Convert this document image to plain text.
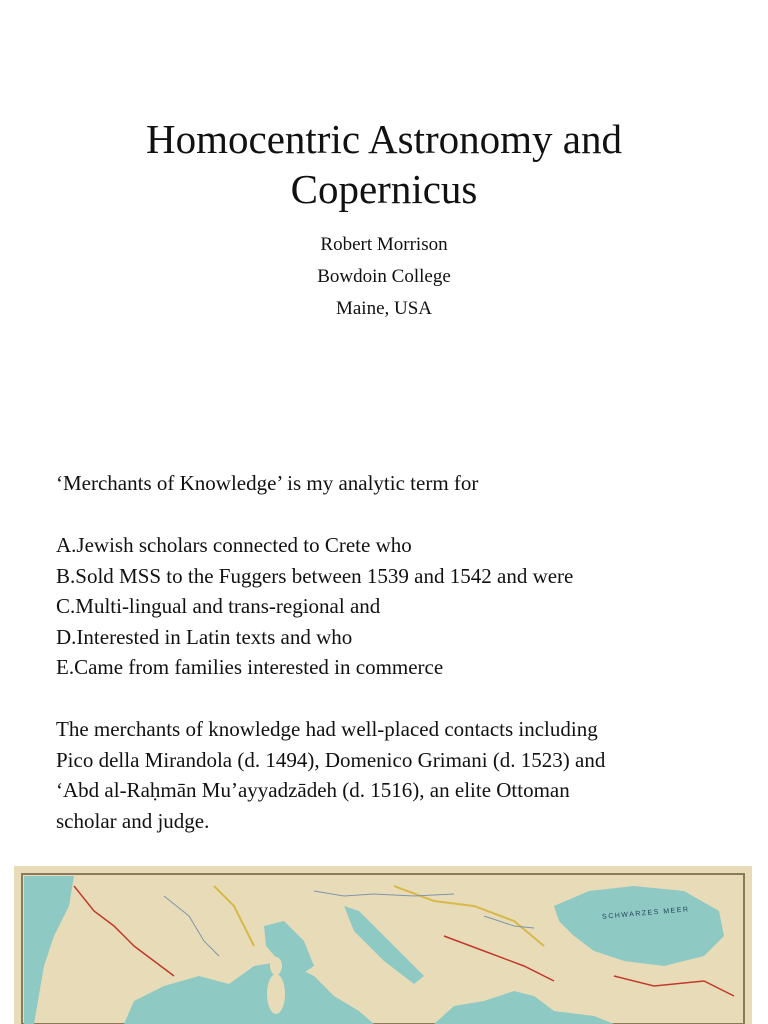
Homocentric Astronomy and
Copernicus
Robert Morrison
Bowdoin College
Maine, USA
‘Merchants of Knowledge’ is my analytic term for
A.Jewish scholars connected to Crete who
B.Sold MSS to the Fuggers between 1539 and 1542 and were
C.Multi-lingual and trans-regional and
D.Interested in Latin texts and who
E.Came from families interested in commerce
The merchants of knowledge had well-placed contacts including
Pico della Mirandola (d. 1494), Domenico Grimani (d. 1523) and
‘Abd al-Raḥmān Mu’ayyadzādeh (d. 1516), an elite Ottoman
scholar and judge.
SCHWARZES MEER
